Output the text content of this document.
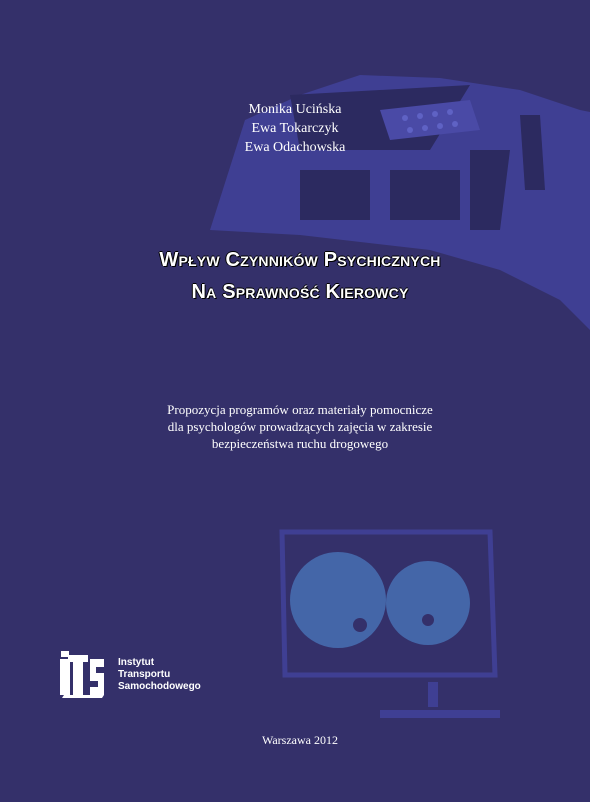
Monika Ucińska
Ewa Tokarczyk
Ewa Odachowska
Wpływ Czynników Psychicznych
Na Sprawność Kierowcy
Propozycja programów oraz materiały pomocnicze
dla psychologów prowadzących zajęcia w zakresie
bezpieczeństwa ruchu drogowego
Instytut
Transportu
Samochodowego
Warszawa 2012
